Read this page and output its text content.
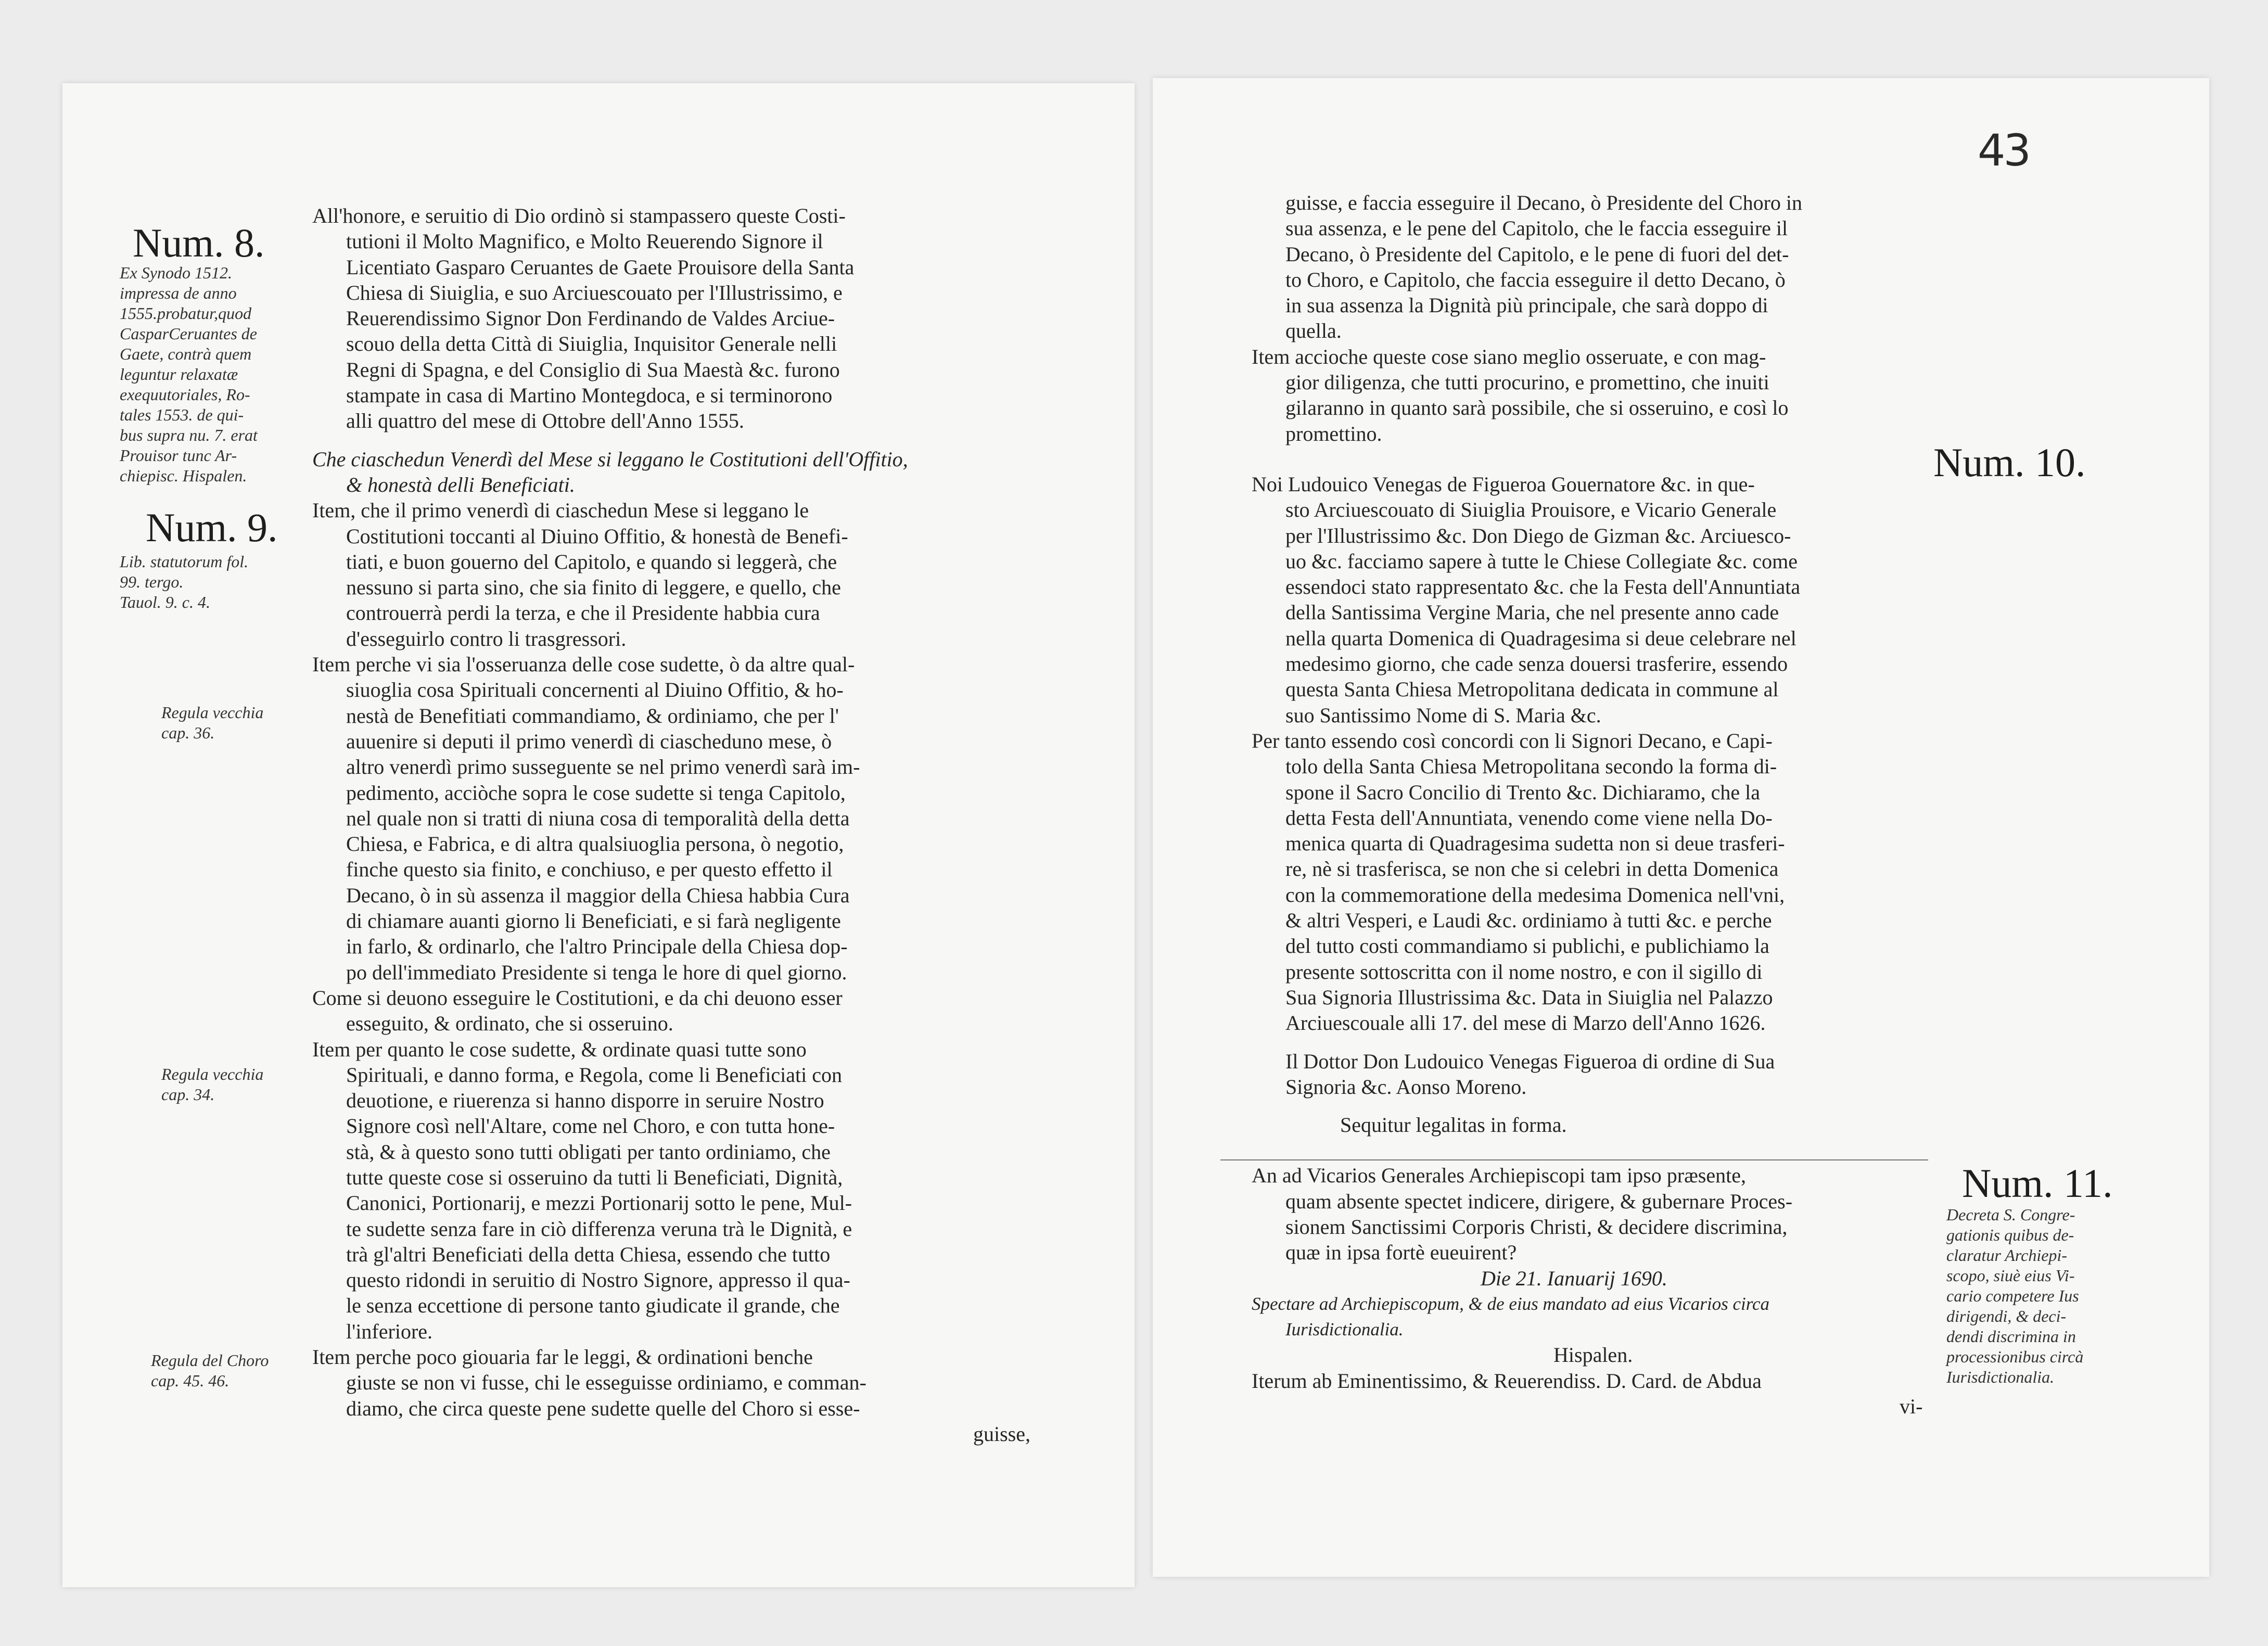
Num. 8.
Ex Synodo 1512.
impressa de anno
1555.probatur,quod
CasparCeruantes de
Gaete, contrà quem
leguntur relaxatæ
exequutoriales, Ro-
tales 1553. de qui-
bus supra nu. 7. erat
Prouisor tunc Ar-
chiepisc. Hispalen.
Num. 9.
Lib. statutorum fol.
99. tergo.
Tauol. 9. c. 4.
Regula vecchia
cap. 36.
Regula vecchia
cap. 34.
Regula del Choro
cap. 45. 46.
All'honore, e seruitio di Dio ordinò si stampassero queste Costi-
tutioni il Molto Magnifico, e Molto Reuerendo Signore il
Licentiato Gasparo Ceruantes de Gaete Prouisore della Santa
Chiesa di Siuiglia, e suo Arciuescouato per l'Illustrissimo, e
Reuerendissimo Signor Don Ferdinando de Valdes Arciue-
scouo della detta Città di Siuiglia, Inquisitor Generale nelli
Regni di Spagna, e del Consiglio di Sua Maestà &c. furono
stampate in casa di Martino Montegdoca, e si terminorono
alli quattro del mese di Ottobre dell'Anno 1555.
Che ciaschedun Venerdì del Mese si leggano le Costitutioni dell'Offitio,
& honestà delli Beneficiati.
Item, che il primo venerdì di ciaschedun Mese si leggano le
Costitutioni toccanti al Diuino Offitio, & honestà de Benefi-
tiati, e buon gouerno del Capitolo, e quando si leggerà, che
nessuno si parta sino, che sia finito di leggere, e quello, che
controuerrà perdi la terza, e che il Presidente habbia cura
d'esseguirlo contro li trasgressori.
Item perche vi sia l'osseruanza delle cose sudette, ò da altre qual-
siuoglia cosa Spirituali concernenti al Diuino Offitio, & ho-
nestà de Benefitiati commandiamo, & ordiniamo, che per l'
auuenire si deputi il primo venerdì di ciascheduno mese, ò
altro venerdì primo susseguente se nel primo venerdì sarà im-
pedimento, acciòche sopra le cose sudette si tenga Capitolo,
nel quale non si tratti di niuna cosa di temporalità della detta
Chiesa, e Fabrica, e di altra qualsiuoglia persona, ò negotio,
finche questo sia finito, e conchiuso, e per questo effetto il
Decano, ò in sù assenza il maggior della Chiesa habbia Cura
di chiamare auanti giorno li Beneficiati, e si farà negligente
in farlo, & ordinarlo, che l'altro Principale della Chiesa dop-
po dell'immediato Presidente si tenga le hore di quel giorno.
Come si deuono esseguire le Costitutioni, e da chi deuono esser
esseguito, & ordinato, che si osseruino.
Item per quanto le cose sudette, & ordinate quasi tutte sono
Spirituali, e danno forma, e Regola, come li Beneficiati con
deuotione, e riuerenza si hanno disporre in seruire Nostro
Signore così nell'Altare, come nel Choro, e con tutta hone-
stà, & à questo sono tutti obligati per tanto ordiniamo, che
tutte queste cose si osseruino da tutti li Beneficiati, Dignità,
Canonici, Portionarij, e mezzi Portionarij sotto le pene, Mul-
te sudette senza fare in ciò differenza veruna trà le Dignità, e
trà gl'altri Beneficiati della detta Chiesa, essendo che tutto
questo ridondi in seruitio di Nostro Signore, appresso il qua-
le senza eccettione di persone tanto giudicate il grande, che
l'inferiore.
Item perche poco giouaria far le leggi, & ordinationi benche
giuste se non vi fusse, chi le esseguisse ordiniamo, e comman-
diamo, che circa queste pene sudette quelle del Choro si esse-
guisse,
43
Num. 10.
Num. 11.
Decreta S. Congre-
gationis quibus de-
claratur Archiepi-
scopo, siuè eius Vi-
cario competere Ius
dirigendi, & deci-
dendi discrimina in
processionibus circà
Iurisdictionalia.
guisse, e faccia esseguire il Decano, ò Presidente del Choro in
sua assenza, e le pene del Capitolo, che le faccia esseguire il
Decano, ò Presidente del Capitolo, e le pene di fuori del det-
to Choro, e Capitolo, che faccia esseguire il detto Decano, ò
in sua assenza la Dignità più principale, che sarà doppo di
quella.
Item accioche queste cose siano meglio osseruate, e con mag-
gior diligenza, che tutti procurino, e promettino, che inuiti
gilaranno in quanto sarà possibile, che si osseruino, e così lo
promettino.
Noi Ludouico Venegas de Figueroa Gouernatore &c. in que-
sto Arciuescouato di Siuiglia Prouisore, e Vicario Generale
per l'Illustrissimo &c. Don Diego de Gizman &c. Arciuesco-
uo &c. facciamo sapere à tutte le Chiese Collegiate &c. come
essendoci stato rappresentato &c. che la Festa dell'Annuntiata
della Santissima Vergine Maria, che nel presente anno cade
nella quarta Domenica di Quadragesima si deue celebrare nel
medesimo giorno, che cade senza douersi trasferire, essendo
questa Santa Chiesa Metropolitana dedicata in commune al
suo Santissimo Nome di S. Maria &c.
Per tanto essendo così concordi con li Signori Decano, e Capi-
tolo della Santa Chiesa Metropolitana secondo la forma di-
spone il Sacro Concilio di Trento &c. Dichiaramo, che la
detta Festa dell'Annuntiata, venendo come viene nella Do-
menica quarta di Quadragesima sudetta non si deue trasferi-
re, nè si trasferisca, se non che si celebri in detta Domenica
con la commemoratione della medesima Domenica nell'vni,
& altri Vesperi, e Laudi &c. ordiniamo à tutti &c. e perche
del tutto costi commandiamo si publichi, e publichiamo la
presente sottoscritta con il nome nostro, e con il sigillo di
Sua Signoria Illustrissima &c. Data in Siuiglia nel Palazzo
Arciuescouale alli 17. del mese di Marzo dell'Anno 1626.
Il Dottor Don Ludouico Venegas Figueroa di ordine di Sua
Signoria &c. Aonso Moreno.
Sequitur legalitas in forma.
An ad Vicarios Generales Archiepiscopi tam ipso præsente,
quam absente spectet indicere, dirigere, & gubernare Proces-
sionem Sanctissimi Corporis Christi, & decidere discrimina,
quæ in ipsa fortè eueuirent?
Die 21. Ianuarij 1690.
Spectare ad Archiepiscopum, & de eius mandato ad eius Vicarios circa
Iurisdictionalia.
Hispalen.
Iterum ab Eminentissimo, & Reuerendiss. D. Card. de Abdua
vi-
